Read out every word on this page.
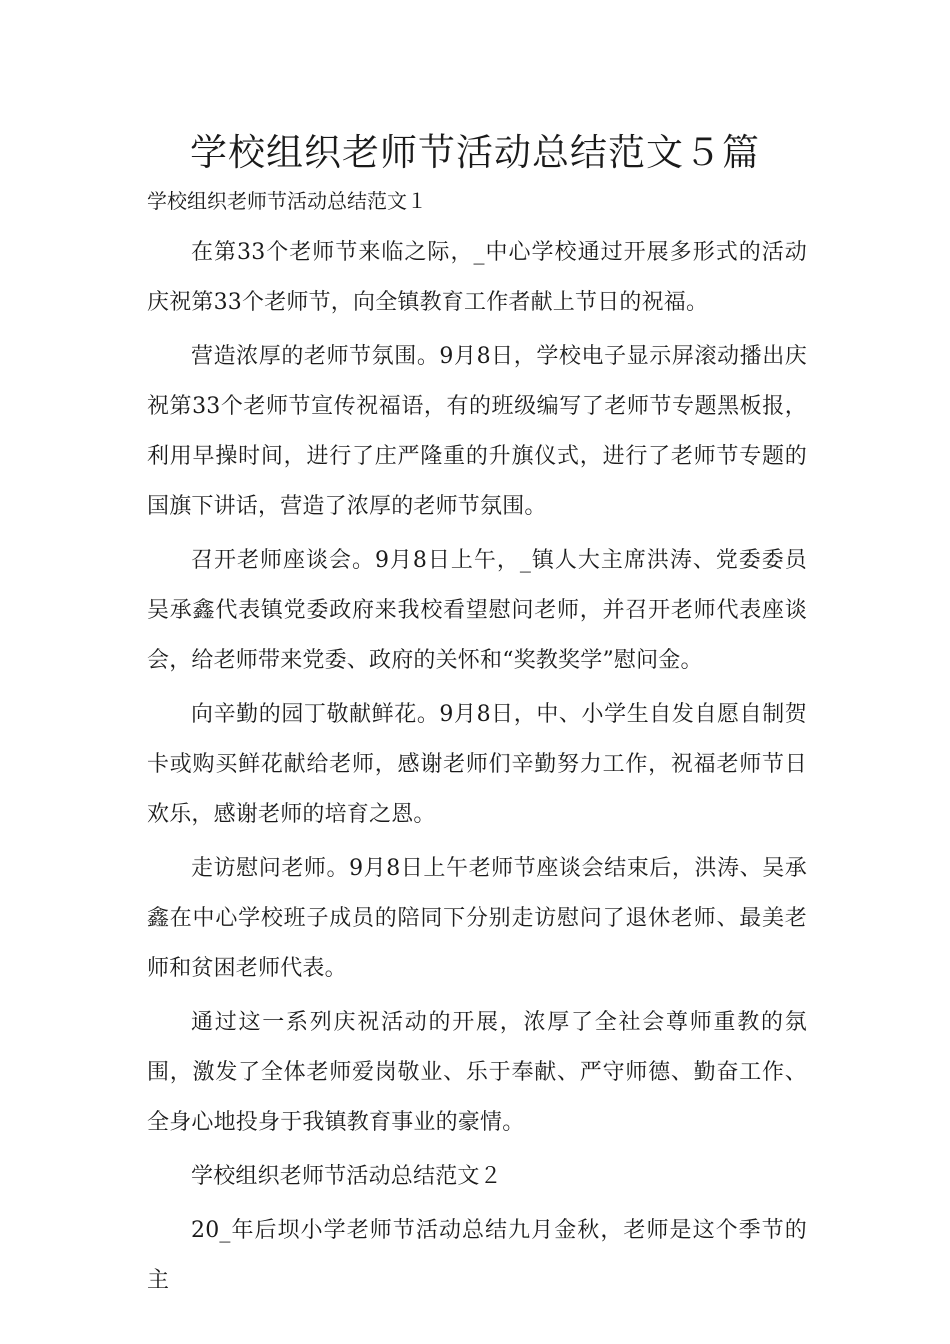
学校组织老师节活动总结范文５篇

学校组织老师节活动总结范文１

在第33个老师节来临之际，_中心学校通过开展多形式的活动庆祝第33个老师节，向全镇教育工作者献上节日的祝福。

营造浓厚的老师节氛围。9月8日，学校电子显示屏滚动播出庆祝第33个老师节宣传祝福语，有的班级编写了老师节专题黑板报，利用早操时间，进行了庄严隆重的升旗仪式，进行了老师节专题的国旗下讲话，营造了浓厚的老师节氛围。

召开老师座谈会。9月8日上午，_镇人大主席洪涛、党委委员吴承鑫代表镇党委政府来我校看望慰问老师，并召开老师代表座谈会，给老师带来党委、政府的关怀和“奖教奖学”慰问金。

向辛勤的园丁敬献鲜花。9月8日，中、小学生自发自愿自制贺卡或购买鲜花献给老师，感谢老师们辛勤努力工作，祝福老师节日欢乐，感谢老师的培育之恩。

走访慰问老师。9月8日上午老师节座谈会结束后，洪涛、吴承鑫在中心学校班子成员的陪同下分别走访慰问了退休老师、最美老师和贫困老师代表。

通过这一系列庆祝活动的开展，浓厚了全社会尊师重教的氛围，激发了全体老师爱岗敬业、乐于奉献、严守师德、勤奋工作、全身心地投身于我镇教育事业的豪情。

学校组织老师节活动总结范文２

20_年后坝小学老师节活动总结九月金秋，老师是这个季节的主
